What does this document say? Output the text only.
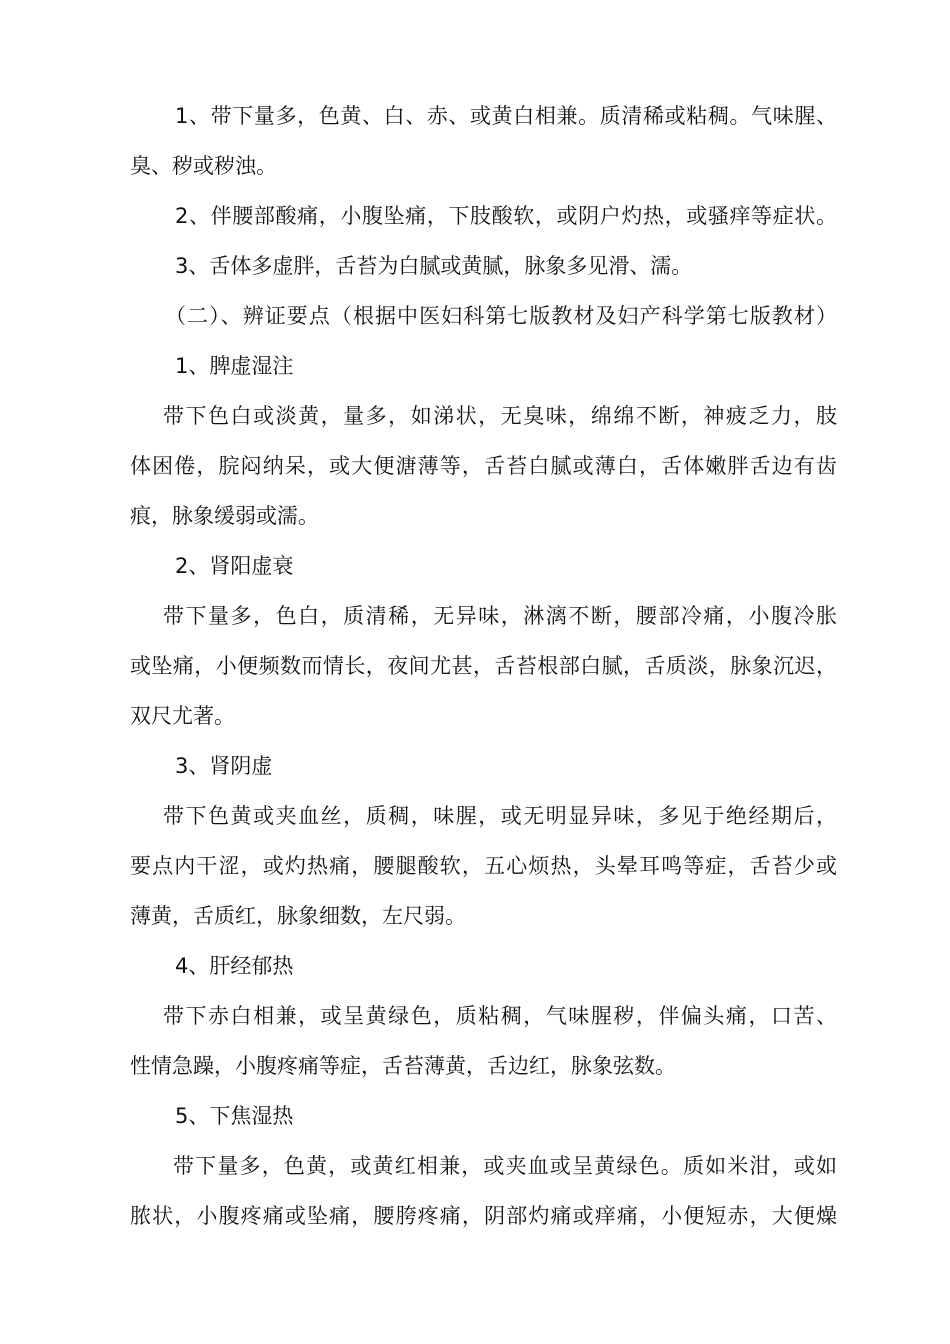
1、带下量多，色黄、白、赤、或黄白相兼。质清稀或粘稠。气味腥、
臭、秽或秽浊。
2、伴腰部酸痛，小腹坠痛，下肢酸软，或阴户灼热，或骚痒等症状。
3、舌体多虚胖，舌苔为白腻或黄腻，脉象多见滑、濡。
（二）、辨证要点（根据中医妇科第七版教材及妇产科学第七版教材）
1、脾虚湿注
带下色白或淡黄，量多，如涕状，无臭味，绵绵不断，神疲乏力，肢
体困倦，脘闷纳呆，或大便溏薄等，舌苔白腻或薄白，舌体嫩胖舌边有齿
痕，脉象缓弱或濡。
2、肾阳虚衰
带下量多，色白，质清稀，无异味，淋漓不断，腰部冷痛，小腹冷胀
或坠痛，小便频数而情长，夜间尤甚，舌苔根部白腻，舌质淡，脉象沉迟，
双尺尤著。
3、肾阴虚
带下色黄或夹血丝，质稠，味腥，或无明显异味，多见于绝经期后，
要点内干涩，或灼热痛，腰腿酸软，五心烦热，头晕耳鸣等症，舌苔少或
薄黄，舌质红，脉象细数，左尺弱。
4、肝经郁热
带下赤白相兼，或呈黄绿色，质粘稠，气味腥秽，伴偏头痛，口苦、
性情急躁，小腹疼痛等症，舌苔薄黄，舌边红，脉象弦数。
5、下焦湿热
带下量多，色黄，或黄红相兼，或夹血或呈黄绿色。质如米泔，或如
脓状，小腹疼痛或坠痛，腰胯疼痛，阴部灼痛或痒痛，小便短赤，大便燥
